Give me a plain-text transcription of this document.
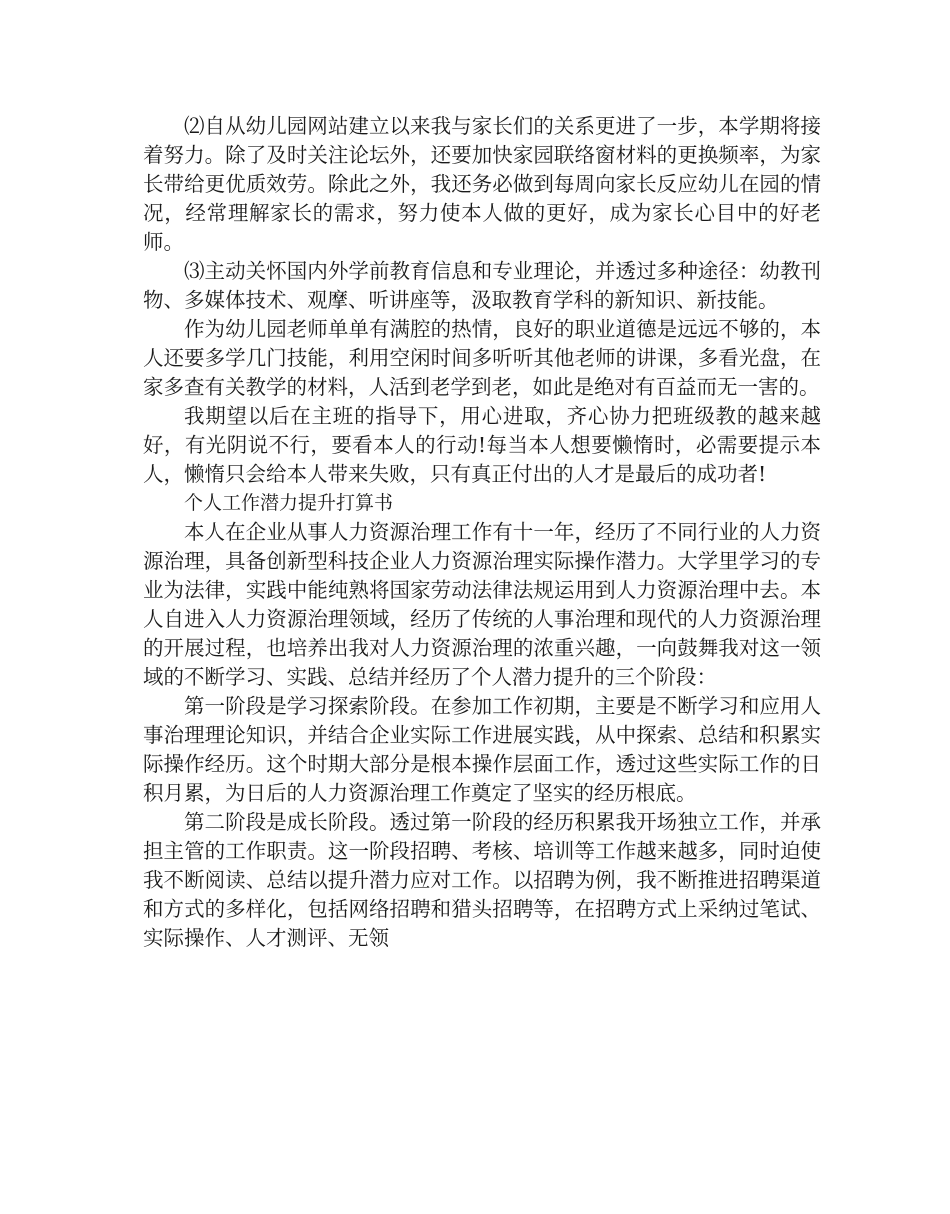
⑵自从幼儿园网站建立以来我与家长们的关系更进了一步，本学期将接着努力。除了及时关注论坛外，还要加快家园联络窗材料的更换频率，为家长带给更优质效劳。除此之外，我还务必做到每周向家长反应幼儿在园的情况，经常理解家长的需求，努力使本人做的更好，成为家长心目中的好老师。

⑶主动关怀国内外学前教育信息和专业理论，并透过多种途径：幼教刊物、多媒体技术、观摩、听讲座等，汲取教育学科的新知识、新技能。

作为幼儿园老师单单有满腔的热情，良好的职业道德是远远不够的，本人还要多学几门技能，利用空闲时间多听听其他老师的讲课，多看光盘，在家多查有关教学的材料，人活到老学到老，如此是绝对有百益而无一害的。

我期望以后在主班的指导下，用心进取，齐心协力把班级教的越来越好，有光阴说不行，要看本人的行动!每当本人想要懒惰时，必需要提示本人，懒惰只会给本人带来失败，只有真正付出的人才是最后的成功者!

个人工作潜力提升打算书

本人在企业从事人力资源治理工作有十一年，经历了不同行业的人力资源治理，具备创新型科技企业人力资源治理实际操作潜力。大学里学习的专业为法律，实践中能纯熟将国家劳动法律法规运用到人力资源治理中去。本人自进入人力资源治理领域，经历了传统的人事治理和现代的人力资源治理的开展过程，也培养出我对人力资源治理的浓重兴趣，一向鼓舞我对这一领域的不断学习、实践、总结并经历了个人潜力提升的三个阶段：

第一阶段是学习探索阶段。在参加工作初期，主要是不断学习和应用人事治理理论知识，并结合企业实际工作进展实践，从中探索、总结和积累实际操作经历。这个时期大部分是根本操作层面工作，透过这些实际工作的日积月累，为日后的人力资源治理工作奠定了坚实的经历根底。

第二阶段是成长阶段。透过第一阶段的经历积累我开场独立工作，并承担主管的工作职责。这一阶段招聘、考核、培训等工作越来越多，同时迫使我不断阅读、总结以提升潜力应对工作。以招聘为例，我不断推进招聘渠道和方式的多样化，包括网络招聘和猎头招聘等，在招聘方式上采纳过笔试、实际操作、人才测评、无领
